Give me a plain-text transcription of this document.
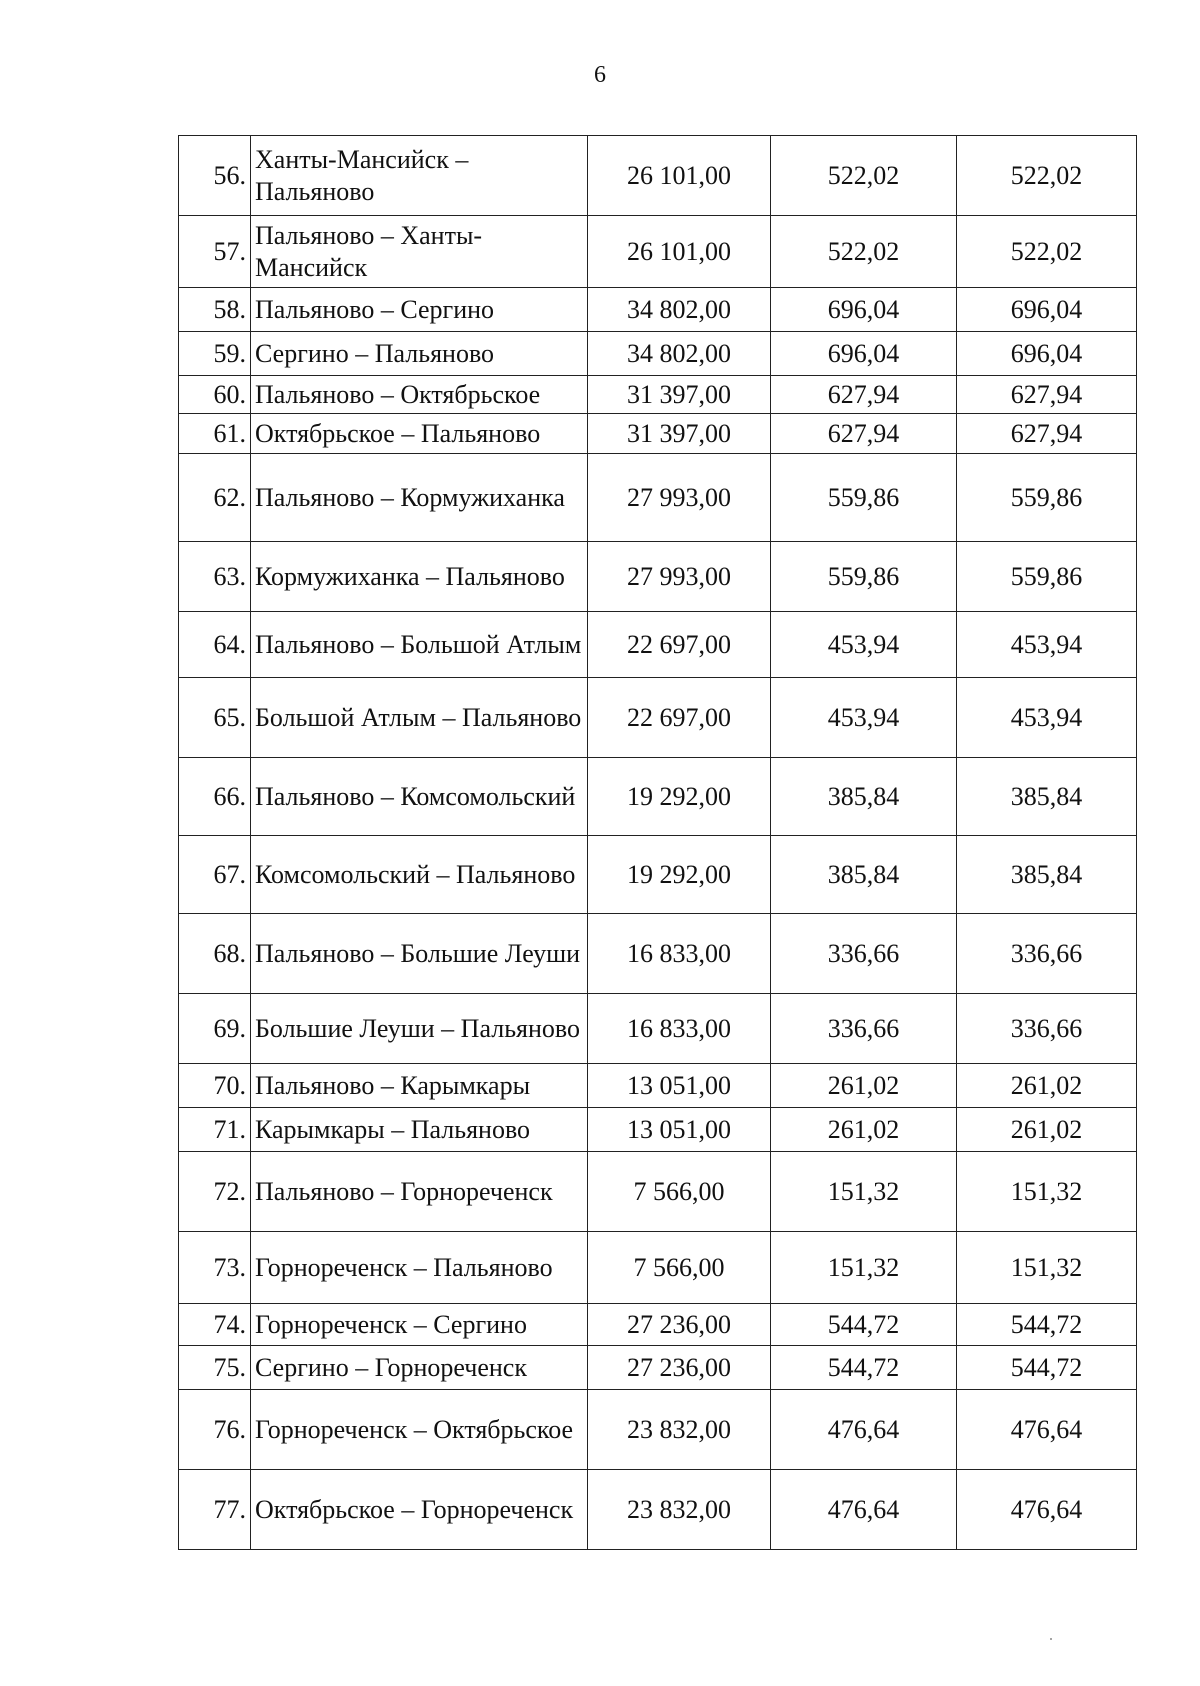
6
56.	Ханты-Мансийск – Пальяново	26 101,00	522,02	522,02
57.	Пальяново – Ханты-Мансийск	26 101,00	522,02	522,02
58.	Пальяново – Сергино	34 802,00	696,04	696,04
59.	Сергино – Пальяново	34 802,00	696,04	696,04
60.	Пальяново – Октябрьское	31 397,00	627,94	627,94
61.	Октябрьское – Пальяново	31 397,00	627,94	627,94
62.	Пальяново – Кормужиханка	27 993,00	559,86	559,86
63.	Кормужиханка – Пальяново	27 993,00	559,86	559,86
64.	Пальяново – Большой Атлым	22 697,00	453,94	453,94
65.	Большой Атлым – Пальяново	22 697,00	453,94	453,94
66.	Пальяново – Комсомольский	19 292,00	385,84	385,84
67.	Комсомольский – Пальяново	19 292,00	385,84	385,84
68.	Пальяново – Большие Леуши	16 833,00	336,66	336,66
69.	Большие Леуши – Пальяново	16 833,00	336,66	336,66
70.	Пальяново – Карымкары	13 051,00	261,02	261,02
71.	Карымкары – Пальяново	13 051,00	261,02	261,02
72.	Пальяново – Горнореченск	7 566,00	151,32	151,32
73.	Горнореченск – Пальяново	7 566,00	151,32	151,32
74.	Горнореченск – Сергино	27 236,00	544,72	544,72
75.	Сергино – Горнореченск	27 236,00	544,72	544,72
76.	Горнореченск – Октябрьское	23 832,00	476,64	476,64
77.	Октябрьское – Горнореченск	23 832,00	476,64	476,64
